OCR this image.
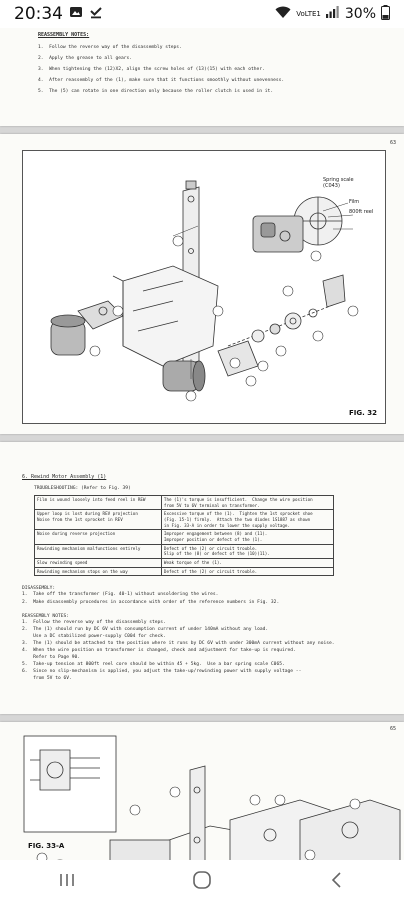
20:34	VoLTE1 30%
REASSEMBLY NOTES:
1.  Follow the reverse way of the disassembly steps.
2.  Apply the grease to all gears.
3.  When tightening the (12)X2, align the screw holes of (13)(15) with each other.
4.  After reassembly of the (1), make sure that it functions smoothly without unevenness.
5.  The (5) can rotate in one direction only because the roller clutch is used in it.
63
FIG. 32
Spring scale
(C043)
Film
800ft reel
6. Rewind Motor Assembly (1)
TROUBLESHOOTING: (Refer to Fig. 39)
Film is wound loosely into feed reel in REW	The (1)'s torque is insufficient.  Change the wire position
from 5V to 6V terminal on transformer.
Upper loop is lost during REV projection
Noise from the 1st sprocket in REV	Excessive torque of the (1).  Tighten the 1st sprocket shoe
(Fig. 15-1) firmly.  Attach the two diodes 1S1887 as shown
in Fig. 33-A in order to lower the supply voltage.
Noise during reverse projection	Improper engagement between (8) and (11).
Improper position or defect of the (1).
Rewinding mechanism malfunctions entirely	Defect of the (2) or circuit trouble.
Slip of the (8) or defect of the (10)(11).
Slow rewinding speed	Weak torque of the (1).
Rewinding mechanism stops on the way	Defect of the (2) or circuit trouble.
DISASSEMBLY:
1.  Take off the transformer (Fig. 40-1) without unsoldering the wires.
2.  Make disassembly procedures in accordance with order of the reference numbers in Fig. 32.
REASSEMBLY NOTES:
1.  Follow the reverse way of the disassembly steps.
2.  The (1) should run by DC 6V with consumption current of under 140mA without any load.
Use a DC stabilized power-supply C004 for check.
3.  The (1) should be attached to the position where it runs by DC 6V with under 300mA current without any noise.
4.  When the wire position on transformer is changed, check and adjustment for take-up is required.
Refer to Page 90.
5.  Take-up tension at 800ft reel core should be within 45 + 5kg.  Use a bar spring scale C065.
6.  Since no slip-mechanism is applied, you adjust the take-up/rewinding power with supply voltage --
from 5V to 6V.
65
FIG. 33-A
